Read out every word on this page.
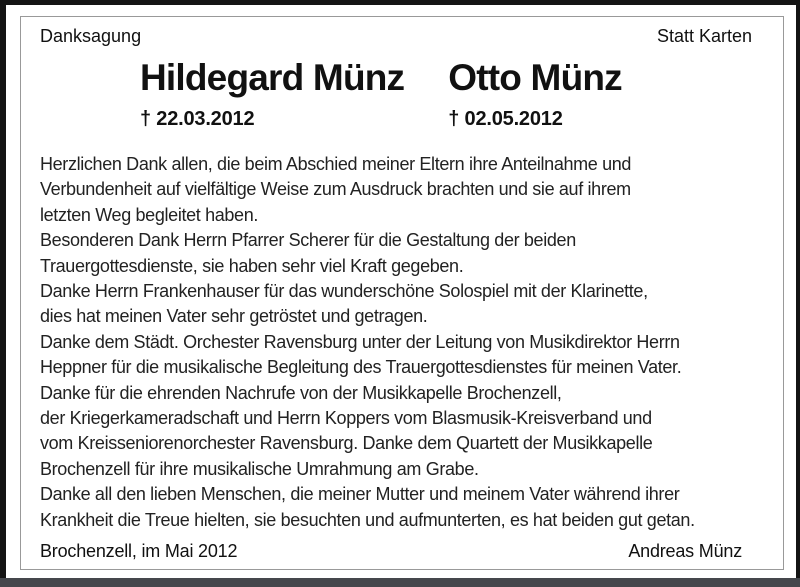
Danksagung	Statt Karten
Hildegard Münz
† 22.03.2012
Otto Münz
† 02.05.2012
Herzlichen Dank allen, die beim Abschied meiner Eltern ihre Anteilnahme und
Verbundenheit auf vielfältige Weise zum Ausdruck brachten und sie auf ihrem
letzten Weg begleitet haben.
Besonderen Dank Herrn Pfarrer Scherer für die Gestaltung der beiden
Trauergottesdienste, sie haben sehr viel Kraft gegeben.
Danke Herrn Frankenhauser für das wunderschöne Solospiel mit der Klarinette,
dies hat meinen Vater sehr getröstet und getragen.
Danke dem Städt. Orchester Ravensburg unter der Leitung von Musikdirektor Herrn
Heppner für die musikalische Begleitung des Trauergottesdienstes für meinen Vater.
Danke für die ehrenden Nachrufe von der Musikkapelle Brochenzell,
der Kriegerkameradschaft und Herrn Koppers vom Blasmusik-Kreisverband und
vom Kreisseniorenorchester Ravensburg. Danke dem Quartett der Musikkapelle
Brochenzell für ihre musikalische Umrahmung am Grabe.
Danke all den lieben Menschen, die meiner Mutter und meinem Vater während ihrer
Krankheit die Treue hielten, sie besuchten und aufmunterten, es hat beiden gut getan.
Brochenzell, im Mai 2012	Andreas Münz
